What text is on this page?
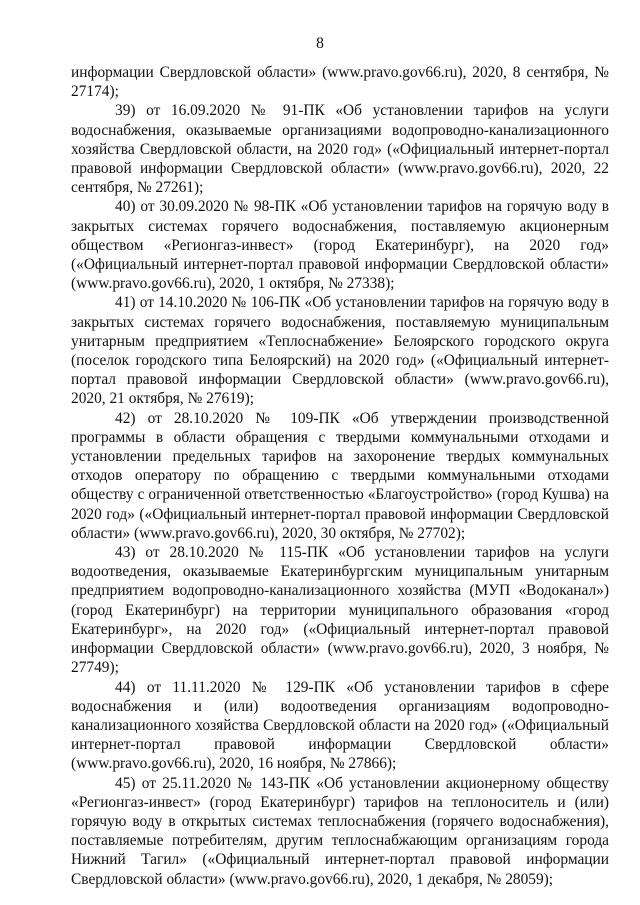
8

информации Свердловской области» (www.pravo.gov66.ru), 2020, 8 сентября, № 27174);

39) от 16.09.2020 № 91-ПК «Об установлении тарифов на услуги водоснабжения, оказываемые организациями водопроводно-канализационного хозяйства Свердловской области, на 2020 год» («Официальный интернет-портал правовой информации Свердловской области» (www.pravo.gov66.ru), 2020, 22 сентября, № 27261);

40) от 30.09.2020 № 98-ПК «Об установлении тарифов на горячую воду в закрытых системах горячего водоснабжения, поставляемую акционерным обществом «Регионгаз-инвест» (город Екатеринбург), на 2020 год» («Официальный интернет-портал правовой информации Свердловской области» (www.pravo.gov66.ru), 2020, 1 октября, № 27338);

41) от 14.10.2020 № 106-ПК «Об установлении тарифов на горячую воду в закрытых системах горячего водоснабжения, поставляемую муниципальным унитарным предприятием «Теплоснабжение» Белоярского городского округа (поселок городского типа Белоярский) на 2020 год» («Официальный интернет-портал правовой информации Свердловской области» (www.pravo.gov66.ru), 2020, 21 октября, № 27619);

42) от 28.10.2020 № 109-ПК «Об утверждении производственной программы в области обращения с твердыми коммунальными отходами и установлении предельных тарифов на захоронение твердых коммунальных отходов оператору по обращению с твердыми коммунальными отходами обществу с ограниченной ответственностью «Благоустройство» (город Кушва) на 2020 год» («Официальный интернет-портал правовой информации Свердловской области» (www.pravo.gov66.ru), 2020, 30 октября, № 27702);

43) от 28.10.2020 № 115-ПК «Об установлении тарифов на услуги водоотведения, оказываемые Екатеринбургским муниципальным унитарным предприятием водопроводно-канализационного хозяйства (МУП «Водоканал») (город Екатеринбург) на территории муниципального образования «город Екатеринбург», на 2020 год» («Официальный интернет-портал правовой информации Свердловской области» (www.pravo.gov66.ru), 2020, 3 ноября, № 27749);

44) от 11.11.2020 № 129-ПК «Об установлении тарифов в сфере водоснабжения и (или) водоотведения организациям водопроводно-канализационного хозяйства Свердловской области на 2020 год» («Официальный интернет-портал правовой информации Свердловской области» (www.pravo.gov66.ru), 2020, 16 ноября, № 27866);

45) от 25.11.2020 № 143-ПК «Об установлении акционерному обществу «Регионгаз-инвест» (город Екатеринбург) тарифов на теплоноситель и (или) горячую воду в открытых системах теплоснабжения (горячего водоснабжения), поставляемые потребителям, другим теплоснабжающим организациям города Нижний Тагил» («Официальный интернет-портал правовой информации Свердловской области» (www.pravo.gov66.ru), 2020, 1 декабря, № 28059);
